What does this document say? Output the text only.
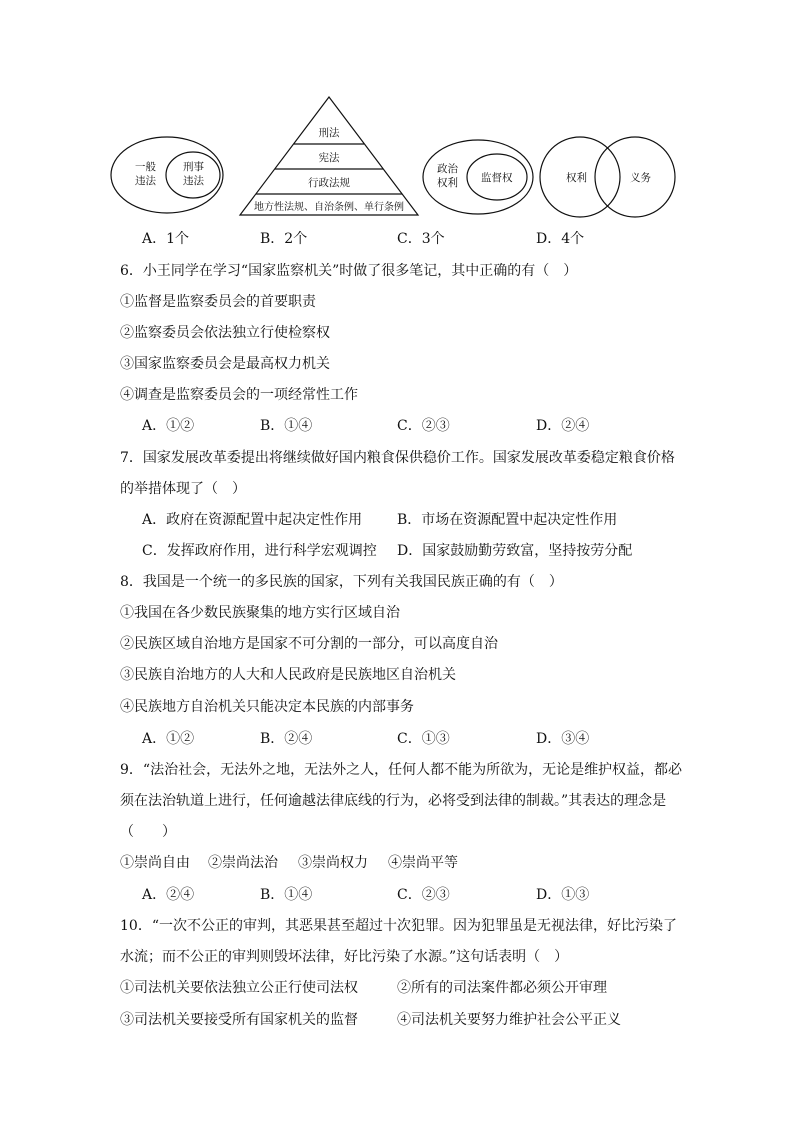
一般
违法
刑事
违法
刑法
宪法
行政法规
地方性法规、自治条例、单行条例
政治
权利 监督权	权利	义务
A．1个	B．2个	C．3个	D．4个
6．小王同学在学习“国家监察机关”时做了很多笔记，其中正确的有（　）
①监督是监察委员会的首要职责
②监察委员会依法独立行使检察权
③国家监察委员会是最高权力机关
④调查是监察委员会的一项经常性工作
A．①②	B．①④	C．②③	D．②④
7．国家发展改革委提出将继续做好国内粮食保供稳价工作。国家发展改革委稳定粮食价格
的举措体现了（　）
A．政府在资源配置中起决定性作用 B．市场在资源配置中起决定性作用
C．发挥政府作用，进行科学宏观调控 D．国家鼓励勤劳致富，坚持按劳分配
8．我国是一个统一的多民族的国家，下列有关我国民族正确的有（　）
①我国在各少数民族聚集的地方实行区域自治
②民族区域自治地方是国家不可分割的一部分，可以高度自治
③民族自治地方的人大和人民政府是民族地区自治机关
④民族地方自治机关只能决定本民族的内部事务
A．①②	B．②④	C．①③	D．③④
9．“法治社会，无法外之地，无法外之人，任何人都不能为所欲为，无论是维护权益，都必
须在法治轨道上进行，任何逾越法律底线的行为，必将受到法律的制裁。”其表达的理念是
（　　）
①崇尚自由 ②崇尚法治 ③崇尚权力 ④崇尚平等
A．②④	B．①④	C．②③	D．①③
10．“一次不公正的审判，其恶果甚至超过十次犯罪。因为犯罪虽是无视法律，好比污染了
水流；而不公正的审判则毁坏法律，好比污染了水源。”这句话表明（　）
①司法机关要依法独立公正行使司法权	②所有的司法案件都必须公开审理
③司法机关要接受所有国家机关的监督	④司法机关要努力维护社会公平正义
